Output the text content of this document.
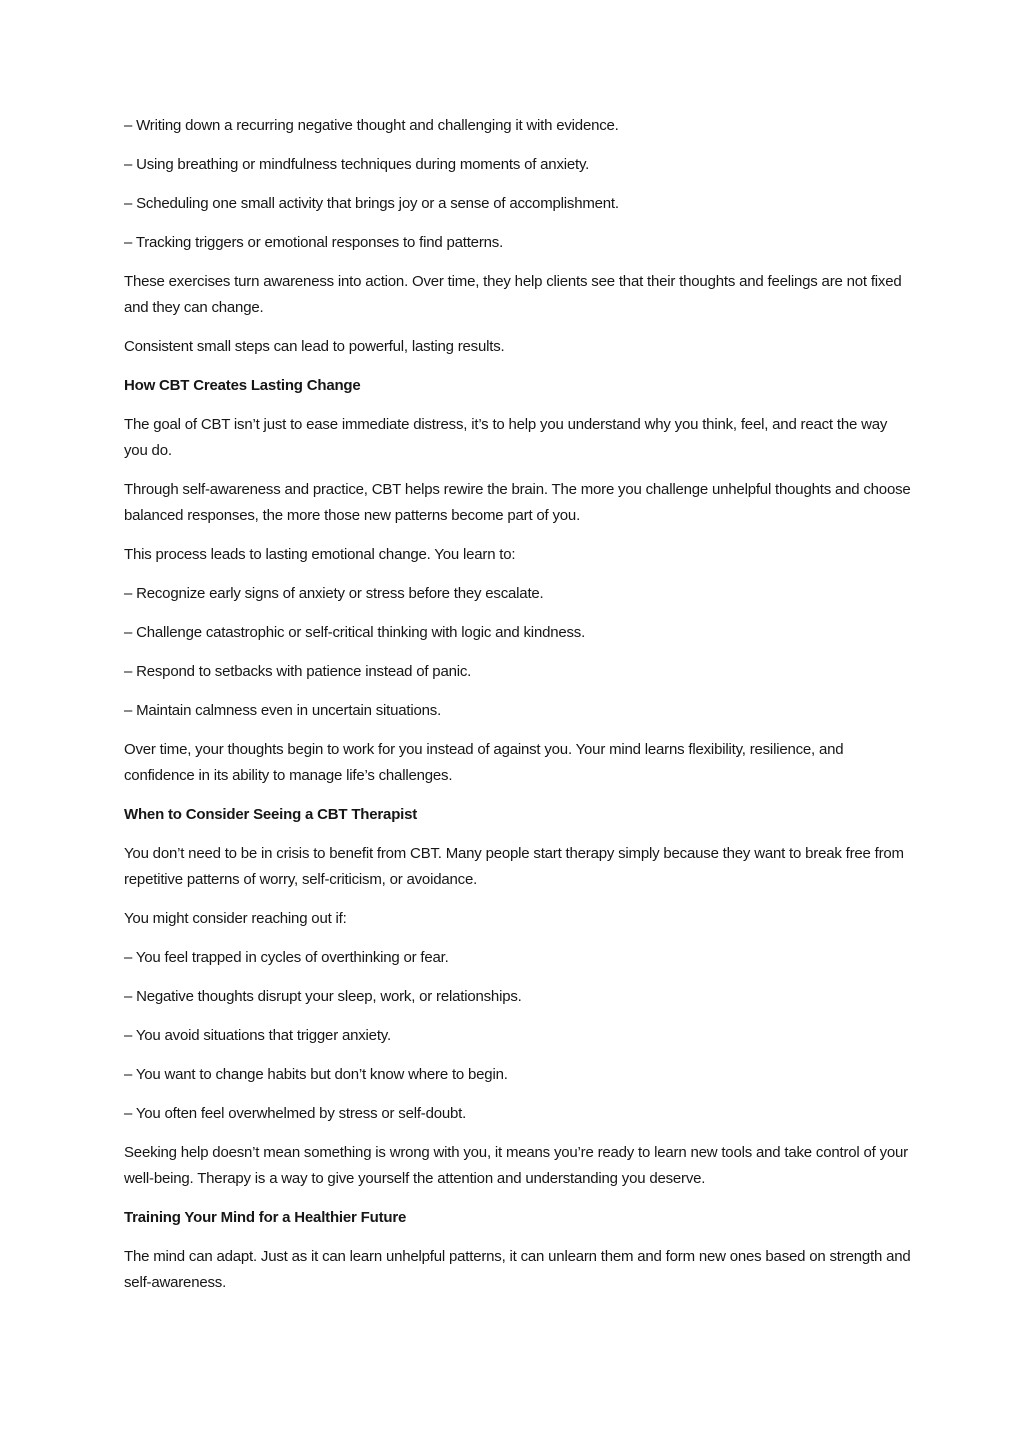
– Writing down a recurring negative thought and challenging it with evidence.

– Using breathing or mindfulness techniques during moments of anxiety.

– Scheduling one small activity that brings joy or a sense of accomplishment.

– Tracking triggers or emotional responses to find patterns.

These exercises turn awareness into action. Over time, they help clients see that their thoughts and feelings are not fixed and they can change.

Consistent small steps can lead to powerful, lasting results.

How CBT Creates Lasting Change

The goal of CBT isn’t just to ease immediate distress, it’s to help you understand why you think, feel, and react the way you do.

Through self-awareness and practice, CBT helps rewire the brain. The more you challenge unhelpful thoughts and choose balanced responses, the more those new patterns become part of you.

This process leads to lasting emotional change. You learn to:

– Recognize early signs of anxiety or stress before they escalate.

– Challenge catastrophic or self-critical thinking with logic and kindness.

– Respond to setbacks with patience instead of panic.

– Maintain calmness even in uncertain situations.

Over time, your thoughts begin to work for you instead of against you. Your mind learns flexibility, resilience, and confidence in its ability to manage life’s challenges.

When to Consider Seeing a CBT Therapist

You don’t need to be in crisis to benefit from CBT. Many people start therapy simply because they want to break free from repetitive patterns of worry, self-criticism, or avoidance.

You might consider reaching out if:

– You feel trapped in cycles of overthinking or fear.

– Negative thoughts disrupt your sleep, work, or relationships.

– You avoid situations that trigger anxiety.

– You want to change habits but don’t know where to begin.

– You often feel overwhelmed by stress or self-doubt.

Seeking help doesn’t mean something is wrong with you, it means you’re ready to learn new tools and take control of your well-being. Therapy is a way to give yourself the attention and understanding you deserve.

Training Your Mind for a Healthier Future

The mind can adapt. Just as it can learn unhelpful patterns, it can unlearn them and form new ones based on strength and self-awareness.
